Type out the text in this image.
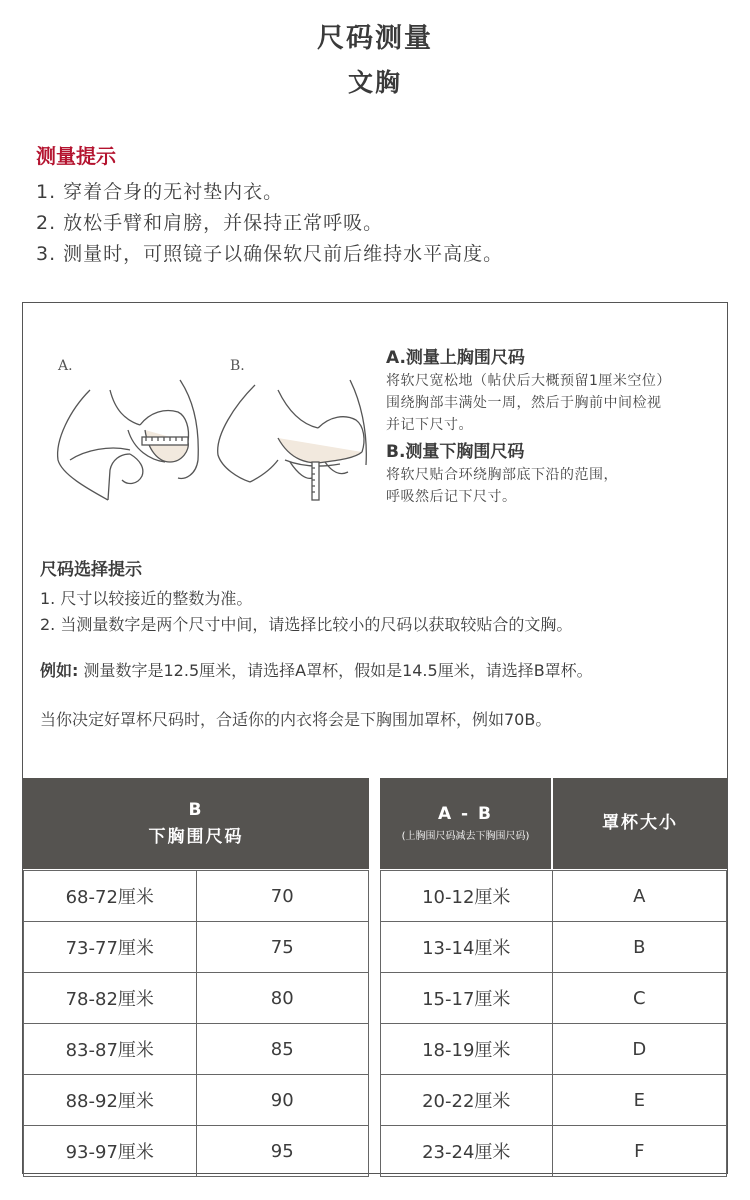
尺码测量
文胸
测量提示
1. 穿着合身的无衬垫内衣。
2. 放松手臂和肩膀，并保持正常呼吸。
3. 测量时，可照镜子以确保软尺前后维持水平高度。
A.	B.	A.测量上胸围尺码
将软尺宽松地（帖伏后大概预留1厘米空位）
围绕胸部丰满处一周，然后于胸前中间检视
并记下尺寸。
B.测量下胸围尺码
将软尺贴合环绕胸部底下沿的范围，
呼吸然后记下尺寸。
尺码选择提示
1. 尺寸以较接近的整数为准。
2. 当测量数字是两个尺寸中间，请选择比较小的尺码以获取较贴合的文胸。
例如: 测量数字是12.5厘米，请选择A罩杯，假如是14.5厘米，请选择B罩杯。
当你决定好罩杯尺码时，合适你的内衣将会是下胸围加罩杯，例如70B。
B
下胸围尺码
A - B
(上胸围尺码减去下胸围尺码)
罩杯大小
68-72厘米	70
73-77厘米	75
78-82厘米	80
83-87厘米	85
88-92厘米	90
93-97厘米	95
10-12厘米	A
13-14厘米	B
15-17厘米	C
18-19厘米	D
20-22厘米	E
23-24厘米	F
